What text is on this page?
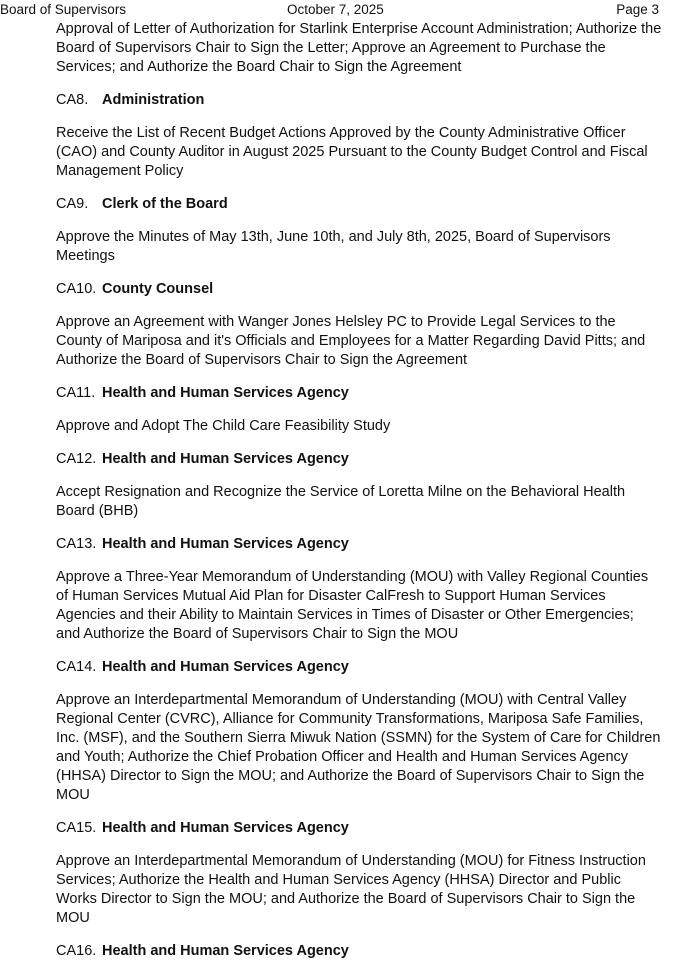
Board of Supervisors	October 7, 2025	Page 3

Approval of Letter of Authorization for Starlink Enterprise Account Administration; Authorize the Board of Supervisors Chair to Sign the Letter; Approve an Agreement to Purchase the Services; and Authorize the Board Chair to Sign the Agreement

CA8. Administration

Receive the List of Recent Budget Actions Approved by the County Administrative Officer (CAO) and County Auditor in August 2025 Pursuant to the County Budget Control and Fiscal Management Policy

CA9. Clerk of the Board

Approve the Minutes of May 13th, June 10th, and July 8th, 2025, Board of Supervisors Meetings

CA10. County Counsel

Approve an Agreement with Wanger Jones Helsley PC to Provide Legal Services to the County of Mariposa and it's Officials and Employees for a Matter Regarding David Pitts; and Authorize the Board of Supervisors Chair to Sign the Agreement

CA11. Health and Human Services Agency

Approve and Adopt The Child Care Feasibility Study

CA12. Health and Human Services Agency

Accept Resignation and Recognize the Service of Loretta Milne on the Behavioral Health Board (BHB)

CA13. Health and Human Services Agency

Approve a Three-Year Memorandum of Understanding (MOU) with Valley Regional Counties of Human Services Mutual Aid Plan for Disaster CalFresh to Support Human Services Agencies and their Ability to Maintain Services in Times of Disaster or Other Emergencies; and Authorize the Board of Supervisors Chair to Sign the MOU

CA14. Health and Human Services Agency

Approve an Interdepartmental Memorandum of Understanding (MOU) with Central Valley Regional Center (CVRC), Alliance for Community Transformations, Mariposa Safe Families, Inc. (MSF), and the Southern Sierra Miwuk Nation (SSMN) for the System of Care for Children and Youth; Authorize the Chief Probation Officer and Health and Human Services Agency (HHSA) Director to Sign the MOU; and Authorize the Board of Supervisors Chair to Sign the MOU

CA15. Health and Human Services Agency

Approve an Interdepartmental Memorandum of Understanding (MOU) for Fitness Instruction Services; Authorize the Health and Human Services Agency (HHSA) Director and Public Works Director to Sign the MOU; and Authorize the Board of Supervisors Chair to Sign the MOU

CA16. Health and Human Services Agency
